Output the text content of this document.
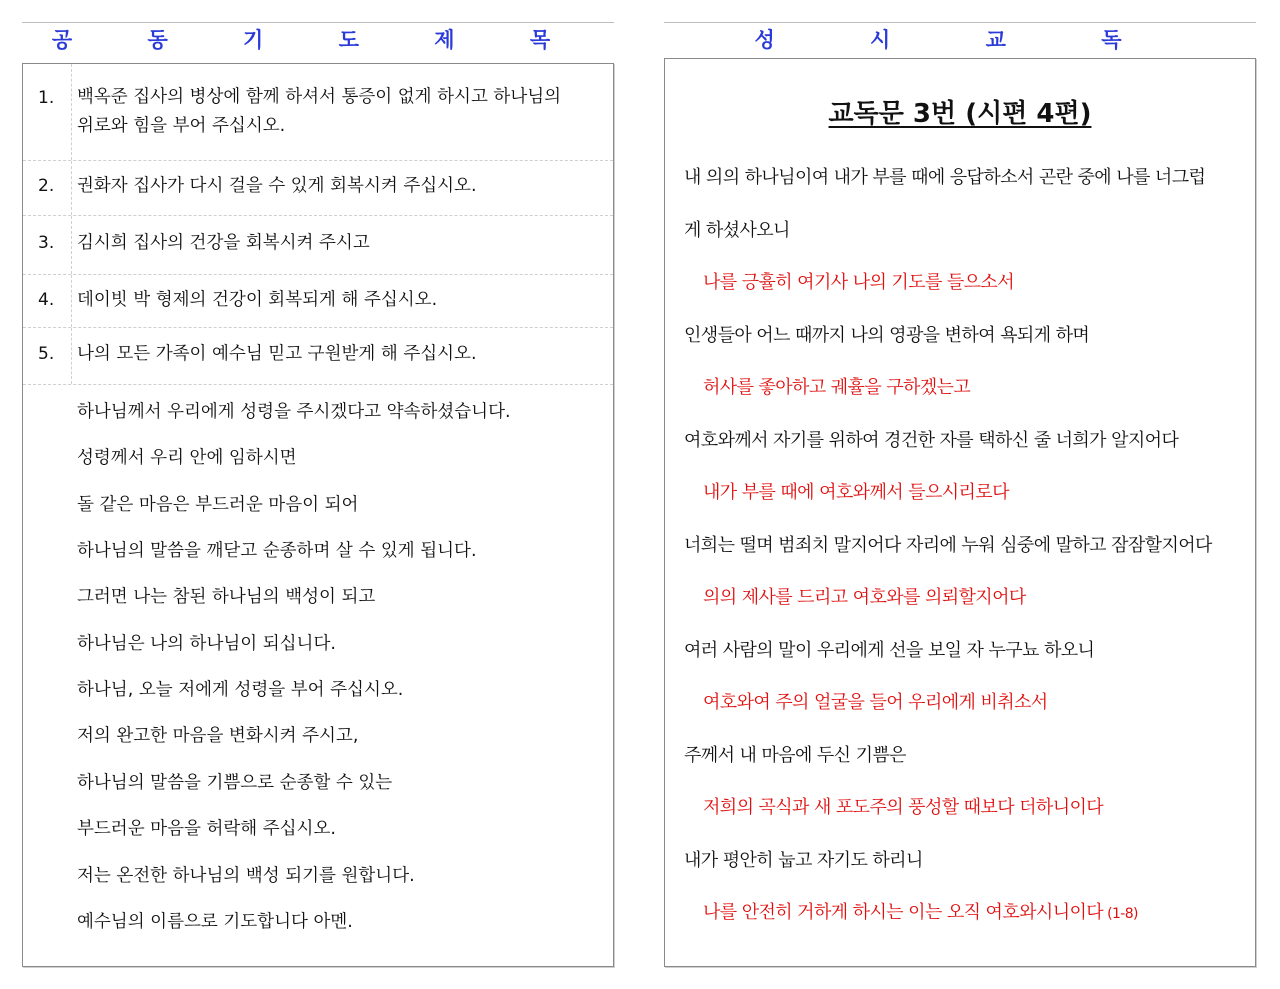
공 동 기 도 제 목
1. 백옥준 집사의 병상에 함께 하셔서 통증이 없게 하시고 하나님의 위로와 힘을 부어 주십시오.
2. 권화자 집사가 다시 걸을 수 있게 회복시켜 주십시오.
3. 김시희 집사의 건강을 회복시켜 주시고
4. 데이빗 박 형제의 건강이 회복되게 해 주십시오.
5. 나의 모든 가족이 예수님 믿고 구원받게 해 주십시오.
하나님께서 우리에게 성령을 주시겠다고 약속하셨습니다.
성령께서 우리 안에 임하시면
돌 같은 마음은 부드러운 마음이 되어
하나님의 말씀을 깨닫고 순종하며 살 수 있게 됩니다.
그러면 나는 참된 하나님의 백성이 되고
하나님은 나의 하나님이 되십니다.
하나님, 오늘 저에게 성령을 부어 주십시오.
저의 완고한 마음을 변화시켜 주시고,
하나님의 말씀을 기쁨으로 순종할 수 있는
부드러운 마음을 허락해 주십시오.
저는 온전한 하나님의 백성 되기를 원합니다.
예수님의 이름으로 기도합니다 아멘.
성 시 교 독
교독문 3번 (시편 4편)
내 의의 하나님이여 내가 부를 때에 응답하소서 곤란 중에 나를 너그럽
게 하셨사오니
나를 긍휼히 여기사 나의 기도를 들으소서
인생들아 어느 때까지 나의 영광을 변하여 욕되게 하며
허사를 좋아하고 궤휼을 구하겠는고
여호와께서 자기를 위하여 경건한 자를 택하신 줄 너희가 알지어다
내가 부를 때에 여호와께서 들으시리로다
너희는 떨며 범죄치 말지어다 자리에 누워 심중에 말하고 잠잠할지어다
의의 제사를 드리고 여호와를 의뢰할지어다
여러 사람의 말이 우리에게 선을 보일 자 누구뇨 하오니
여호와여 주의 얼굴을 들어 우리에게 비취소서
주께서 내 마음에 두신 기쁨은
저희의 곡식과 새 포도주의 풍성할 때보다 더하니이다
내가 평안히 눕고 자기도 하리니
나를 안전히 거하게 하시는 이는 오직 여호와시니이다 (1-8)
